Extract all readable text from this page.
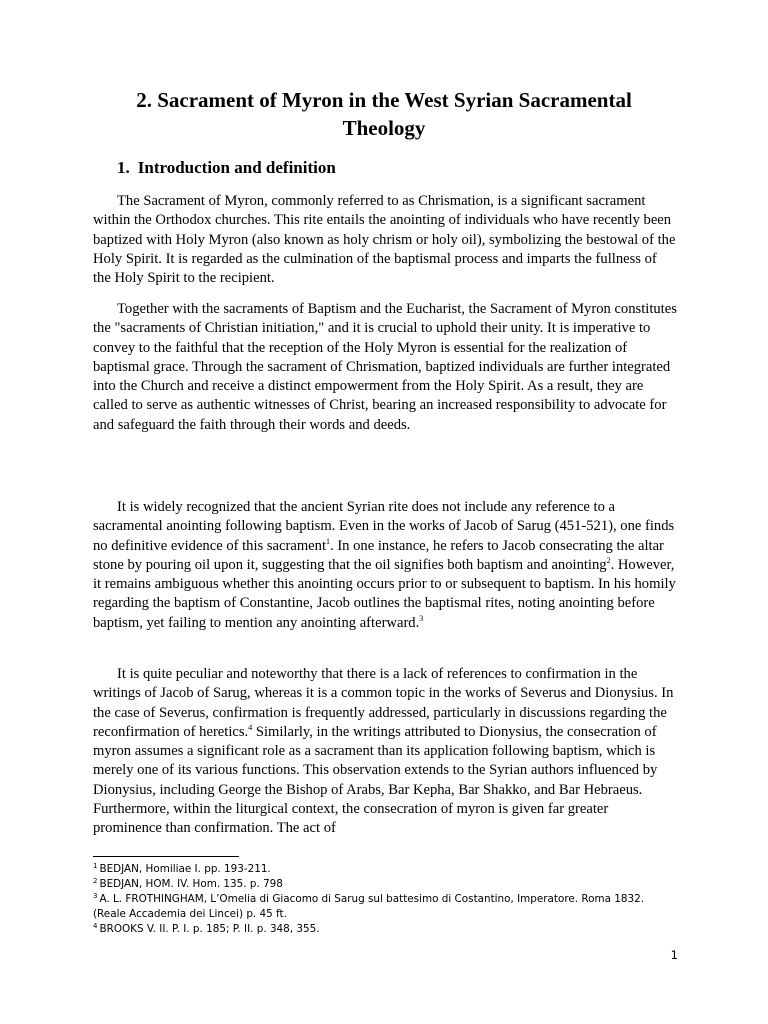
2. Sacrament of Myron in the West Syrian Sacramental Theology
1. Introduction and definition

The Sacrament of Myron, commonly referred to as Chrismation, is a significant sacrament within the Orthodox churches. This rite entails the anointing of individuals who have recently been baptized with Holy Myron (also known as holy chrism or holy oil), symbolizing the bestowal of the Holy Spirit. It is regarded as the culmination of the baptismal process and imparts the fullness of the Holy Spirit to the recipient.

Together with the sacraments of Baptism and the Eucharist, the Sacrament of Myron constitutes the "sacraments of Christian initiation," and it is crucial to uphold their unity. It is imperative to convey to the faithful that the reception of the Holy Myron is essential for the realization of baptismal grace. Through the sacrament of Chrismation, baptized individuals are further integrated into the Church and receive a distinct empowerment from the Holy Spirit. As a result, they are called to serve as authentic witnesses of Christ, bearing an increased responsibility to advocate for and safeguard the faith through their words and deeds.

It is widely recognized that the ancient Syrian rite does not include any reference to a sacramental anointing following baptism. Even in the works of Jacob of Sarug (451-521), one finds no definitive evidence of this sacrament$^1$. In one instance, he refers to Jacob consecrating the altar stone by pouring oil upon it, suggesting that the oil signifies both baptism and anointing$^2$. However, it remains ambiguous whether this anointing occurs prior to or subsequent to baptism. In his homily regarding the baptism of Constantine, Jacob outlines the baptismal rites, noting anointing before baptism, yet failing to mention any anointing afterward.$^3$

It is quite peculiar and noteworthy that there is a lack of references to confirmation in the writings of Jacob of Sarug, whereas it is a common topic in the works of Severus and Dionysius. In the case of Severus, confirmation is frequently addressed, particularly in discussions regarding the reconfirmation of heretics.$^4$ Similarly, in the writings attributed to Dionysius, the consecration of myron assumes a significant role as a sacrament than its application following baptism, which is merely one of its various functions. This observation extends to the Syrian authors influenced by Dionysius, including George the Bishop of Arabs, Bar Kepha, Bar Shakko, and Bar Hebraeus. Furthermore, within the liturgical context, the consecration of myron is given far greater prominence than confirmation. The act of

$^1$ BEDJAN, Homiliae I. pp. 193-211.

$^2$ BEDJAN, HOM. IV. Hom. 135. p. 798

$^3$ A. L. FROTHINGHAM, L’Omelia di Giacomo di Sarug sul battesimo di Costantino, Imperatore. Roma 1832. (Reale Accademia dei Lincei) p. 45 ft.

$^4$ BROOKS V. II. P. I. p. 185; P. II. p. 348, 355.

1
